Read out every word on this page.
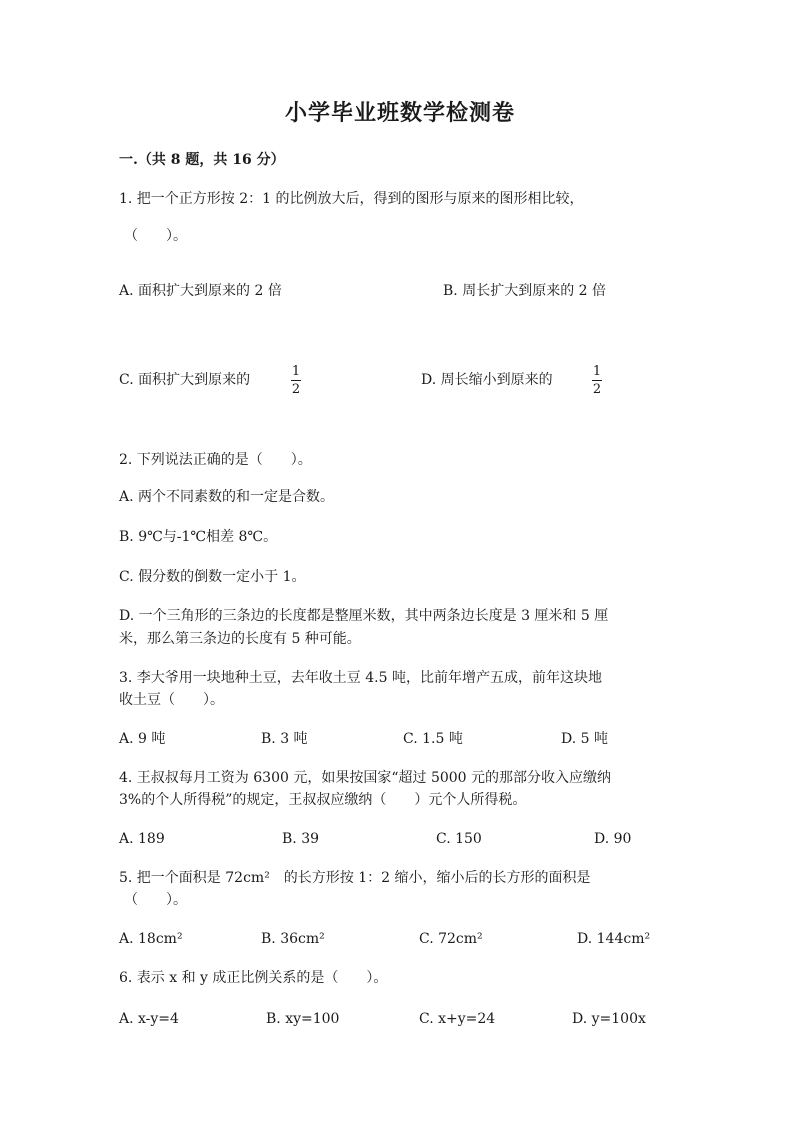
小学毕业班数学检测卷
一.（共 8 题，共 16 分）
1. 把一个正方形按 2：1 的比例放大后，得到的图形与原来的图形相比较，
（　　）。
A. 面积扩大到原来的 2 倍	B. 周长扩大到原来的 2 倍
C. 面积扩大到原来的
1
2
D. 周长缩小到原来的
1
2
2. 下列说法正确的是（　　）。
A. 两个不同素数的和一定是合数。
B. 9℃与-1℃相差 8℃。
C. 假分数的倒数一定小于 1。
D. 一个三角形的三条边的长度都是整厘米数，其中两条边长度是 3 厘米和 5 厘
米，那么第三条边的长度有 5 种可能。
3. 李大爷用一块地种土豆，去年收土豆 4.5 吨，比前年增产五成，前年这块地
收土豆（　　）。
A. 9 吨	B. 3 吨	C. 1.5 吨	D. 5 吨
4. 王叔叔每月工资为 6300 元，如果按国家“超过 5000 元的那部分收入应缴纳
3%的个人所得税”的规定，王叔叔应缴纳（　　）元个人所得税。
A. 189	B. 39	C. 150	D. 90
5. 把一个面积是 72cm²　的长方形按 1：2 缩小，缩小后的长方形的面积是
（　　）。
A. 18cm²	B. 36cm²	C. 72cm²	D. 144cm²
6. 表示 x 和 y 成正比例关系的是（　　）。
A. x-y=4	B. xy=100	C. x+y=24	D. y=100x
